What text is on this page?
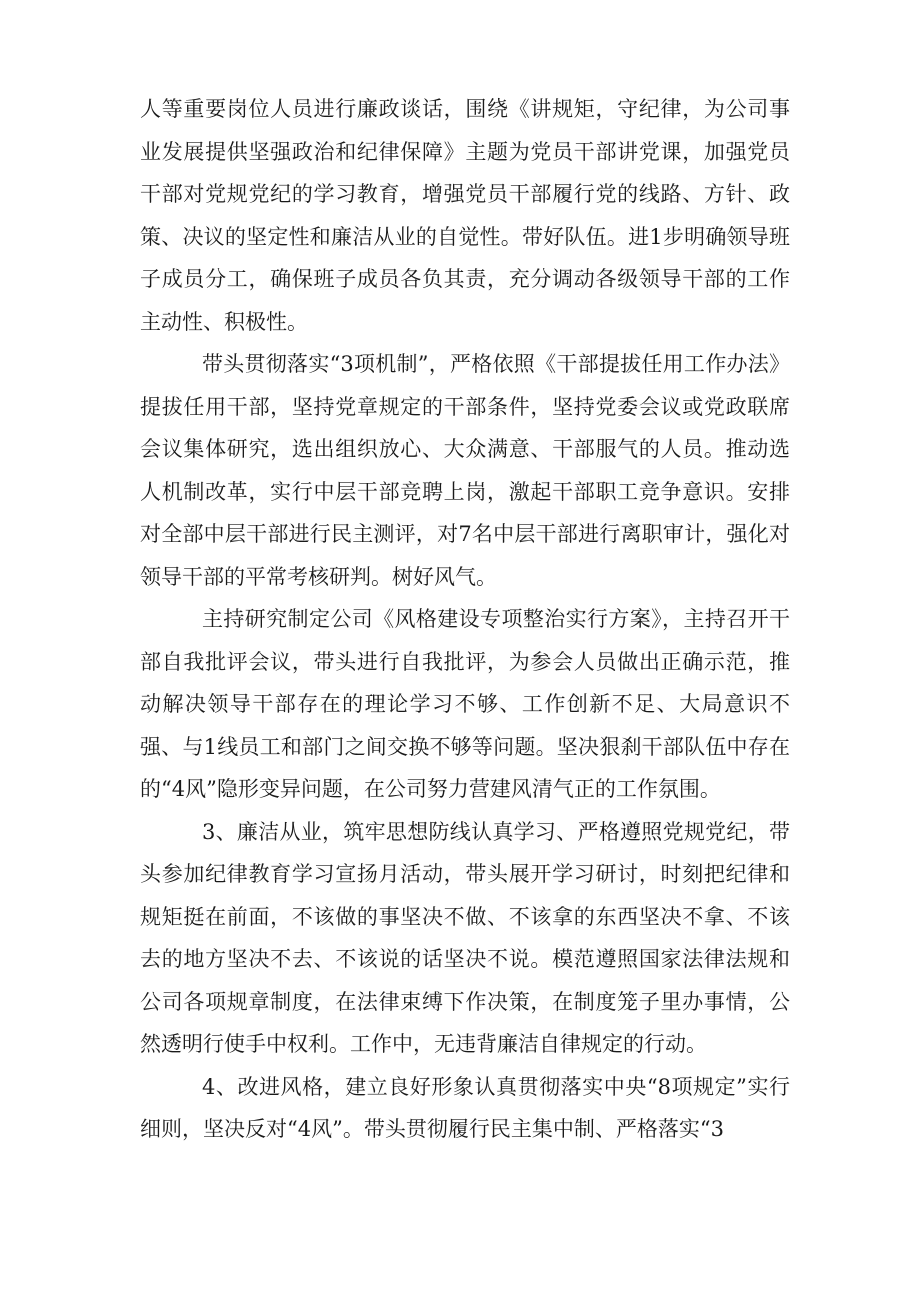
人等重要岗位人员进行廉政谈话，围绕《讲规矩，守纪律，为公司事业发展提供坚强政治和纪律保障》主题为党员干部讲党课，加强党员干部对党规党纪的学习教育，增强党员干部履行党的线路、方针、政策、决议的坚定性和廉洁从业的自觉性。带好队伍。进1步明确领导班子成员分工，确保班子成员各负其责，充分调动各级领导干部的工作主动性、积极性。

带头贯彻落实“3项机制”，严格依照《干部提拔任用工作办法》提拔任用干部，坚持党章规定的干部条件，坚持党委会议或党政联席会议集体研究，选出组织放心、大众满意、干部服气的人员。推动选人机制改革，实行中层干部竞聘上岗，激起干部职工竞争意识。安排对全部中层干部进行民主测评，对7名中层干部进行离职审计，强化对领导干部的平常考核研判。树好风气。

主持研究制定公司《风格建设专项整治实行方案》，主持召开干部自我批评会议，带头进行自我批评，为参会人员做出正确示范，推动解决领导干部存在的理论学习不够、工作创新不足、大局意识不强、与1线员工和部门之间交换不够等问题。坚决狠刹干部队伍中存在的“4风”隐形变异问题，在公司努力营建风清气正的工作氛围。

3、廉洁从业，筑牢思想防线认真学习、严格遵照党规党纪，带头参加纪律教育学习宣扬月活动，带头展开学习研讨，时刻把纪律和规矩挺在前面，不该做的事坚决不做、不该拿的东西坚决不拿、不该去的地方坚决不去、不该说的话坚决不说。模范遵照国家法律法规和公司各项规章制度，在法律束缚下作决策，在制度笼子里办事情，公然透明行使手中权利。工作中，无违背廉洁自律规定的行动。

4、改进风格，建立良好形象认真贯彻落实中央“8项规定”实行细则，坚决反对“4风”。带头贯彻履行民主集中制、严格落实“3
